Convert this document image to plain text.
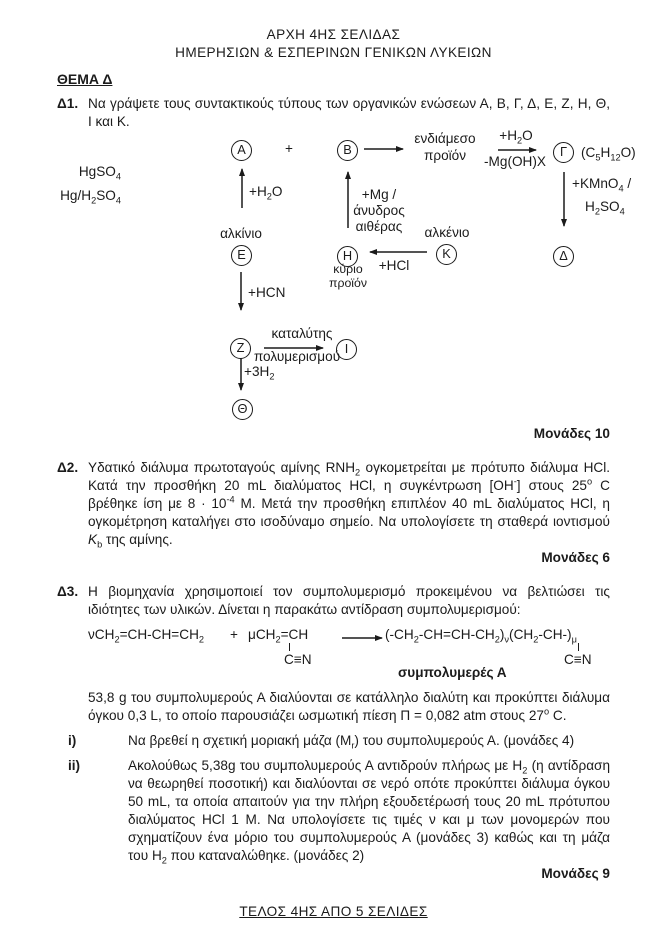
ΑΡΧΗ 4ΗΣ ΣΕΛΙΔΑΣ
ΗΜΕΡΗΣΙΩΝ & ΕΣΠΕΡΙΝΩΝ ΓΕΝΙΚΩΝ ΛΥΚΕΙΩΝ
ΘΕΜΑ Δ
Δ1. Να γράψετε τους συντακτικούς τύπους των οργανικών ενώσεων Α, Β, Γ, Δ, Ε, Ζ, Η, Θ, Ι και Κ.
Α	Β	Γ
Δ
Ε	Η	Κ
Ζ	Ι
Θ
+
HgSO$_4$
$Hg/H_2SO_4$
$+H_2O$
αλκίνιο
+Mg /
άνυδρος
αιθέρας
ενδιάμεσο
προϊόν
$+H_2O$
-Mg(OH)X
$(C_5H_{12}O)$
+KMnO$_4$ /
$H_2SO_4$
αλκένιο
+HCl
κύριο
προϊόν
+HCN
καταλύτης
πολυμερισμού
$+3H_2$
Μονάδες 10
Δ2. Υδατικό διάλυμα πρωτοταγούς αμίνης $RNH_2$ ογκομετρείται με πρότυπο διάλυμα HCl. Κατά την προσθήκη 20 mL διαλύματος HCl, η συγκέντρωση [OH-] στους $25^o$ C βρέθηκε ίση με $8 \cdot 10^{-4}$ M. Μετά την προσθήκη επιπλέον 40 mL διαλύματος HCl, η ογκομέτρηση καταλήγει στο ισοδύναμο σημείο. Να υπολογίσετε τη σταθερά ιοντισμού $K_b$ της αμίνης.
Μονάδες 6
Δ3. Η βιομηχανία χρησιμοποιεί τον συμπολυμερισμό προκειμένου να βελτιώσει τις ιδιότητες των υλικών. Δίνεται η παρακάτω αντίδραση συμπολυμερισμού:
$\nu CH_2=CH-CH=CH_2 + \mu CH_2=CH$
C≡N
$(-CH_2-CH=CH-CH_2)_\nu(CH_2-CH-)_\mu$
C≡N
συμπολυμερές Α
53,8 g του συμπολυμερούς Α διαλύονται σε κατάλληλο διαλύτη και προκύπτει διάλυμα όγκου 0,3 L, το οποίο παρουσιάζει ωσμωτική πίεση Π = 0,082 atm στους $27^o$ C.
i)	Να βρεθεί η σχετική μοριακή μάζα $(M_r)$ του συμπολυμερούς Α. (μονάδες 4)
ii)	Ακολούθως 5,38g του συμπολυμερούς Α αντιδρούν πλήρως με $H_2$ (η αντίδραση να θεωρηθεί ποσοτική) και διαλύονται σε νερό οπότε προκύπτει διάλυμα όγκου 50 mL, τα οποία απαιτούν για την πλήρη εξουδετέρωσή τους 20 mL πρότυπου διαλύματος HCl 1 M. Να υπολογίσετε τις τιμές ν και μ των μονομερών που σχηματίζουν ένα μόριο του συμπολυμερούς Α (μονάδες 3) καθώς και τη μάζα του $H_2$ που καταναλώθηκε. (μονάδες 2)
Μονάδες 9
ΤΕΛΟΣ 4ΗΣ ΑΠΟ 5 ΣΕΛΙΔΕΣ
